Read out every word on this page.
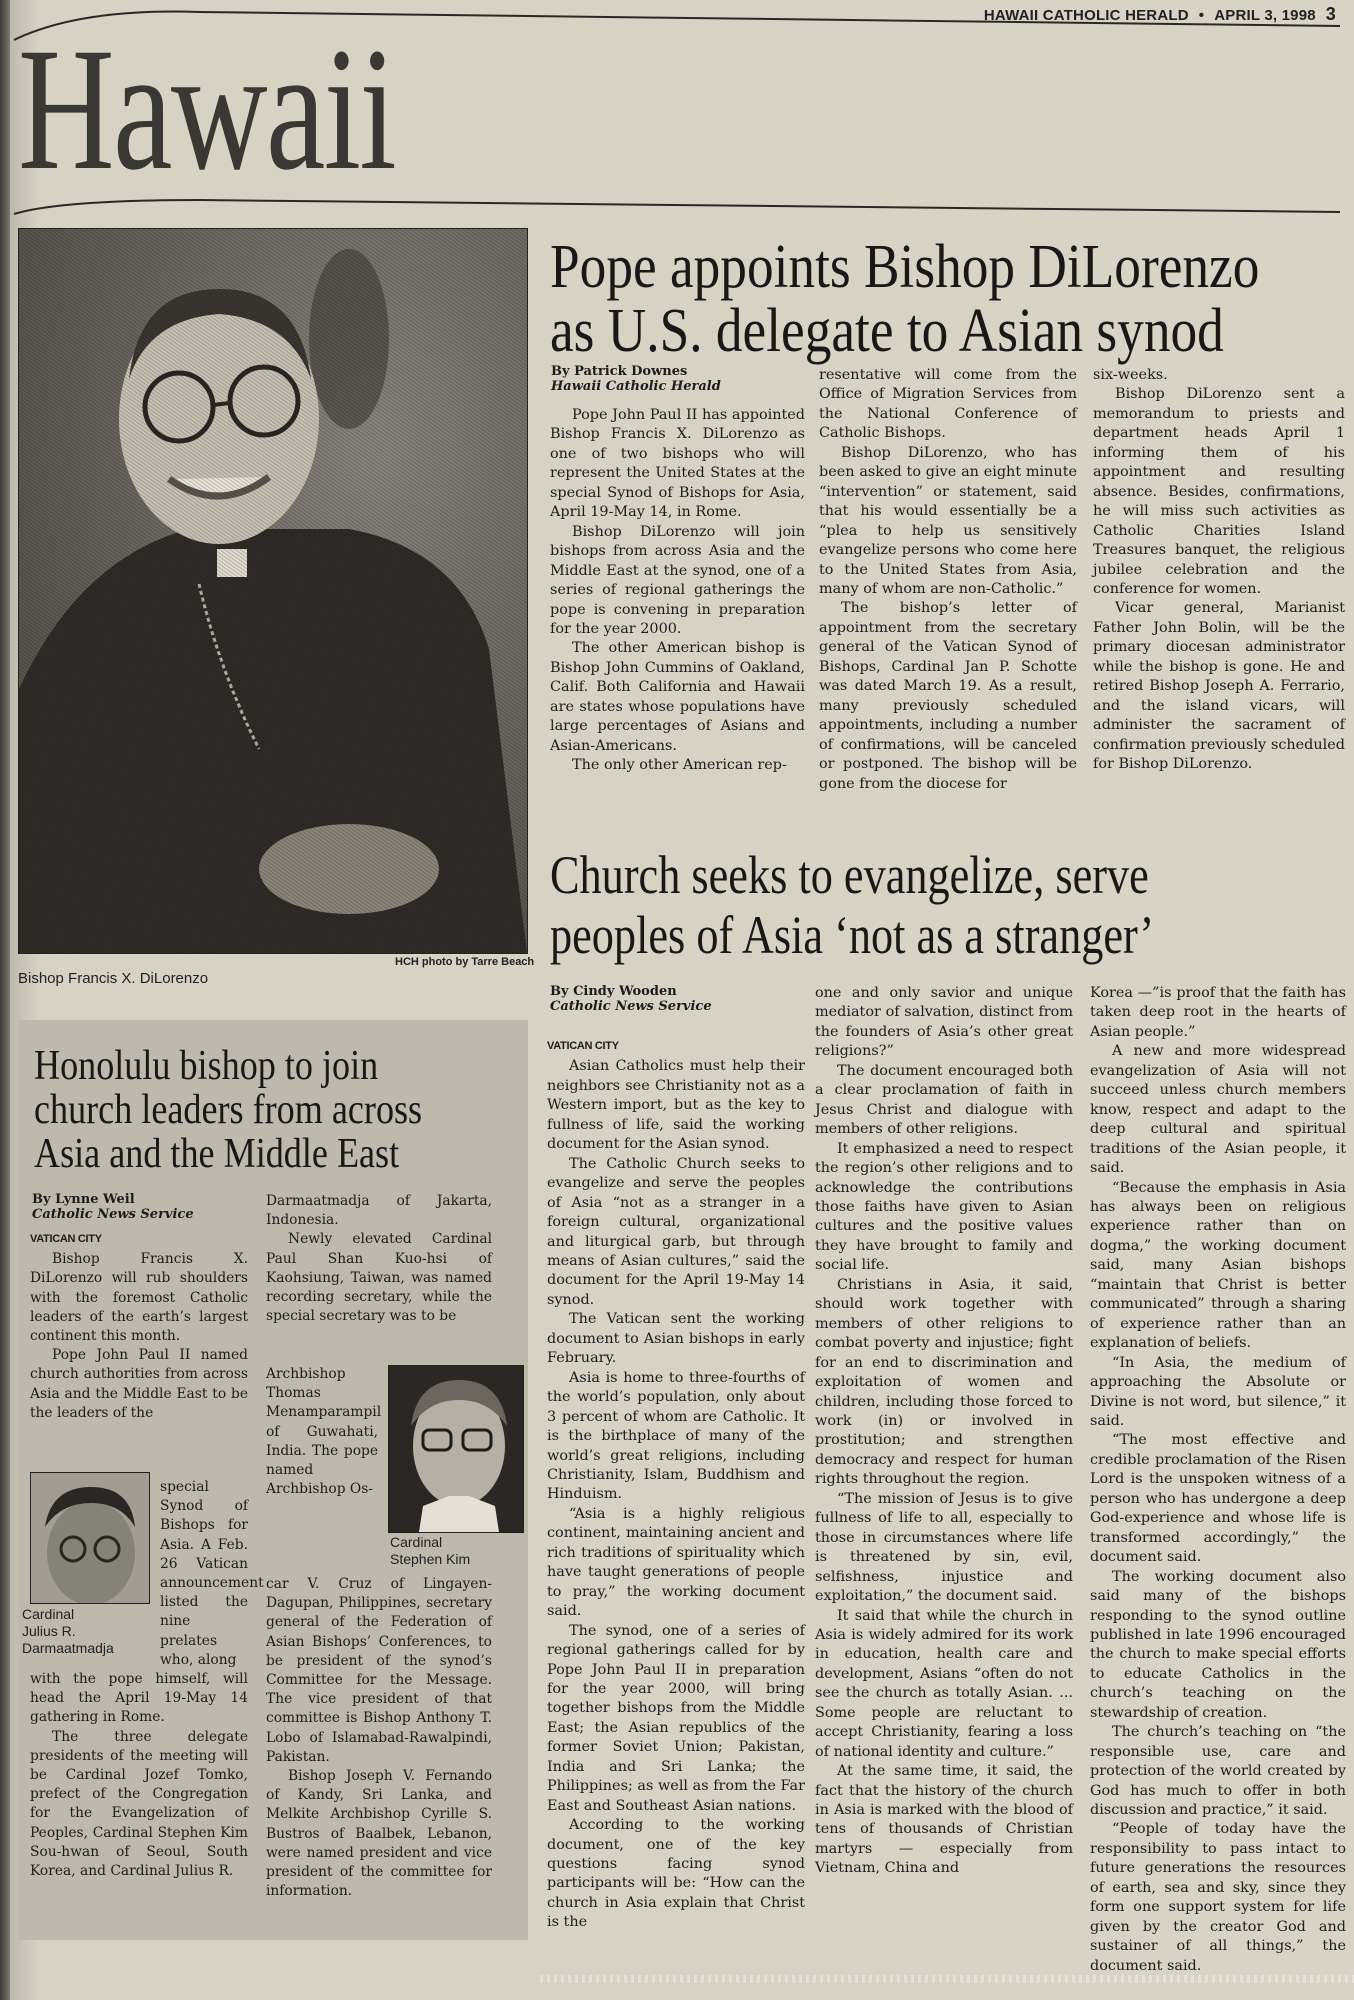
HAWAII CATHOLIC HERALD • APRIL 3, 1998 3
Hawaii
HCH photo by Tarre Beach
Bishop Francis X. DiLorenzo
Pope appoints Bishop DiLorenzo
as U.S. delegate to Asian synod
By Patrick Downes
Hawaii Catholic Herald

Pope John Paul II has appointed Bishop Francis X. DiLorenzo as one of two bishops who will represent the United States at the special Synod of Bishops for Asia, April 19-May 14, in Rome.

Bishop DiLorenzo will join bishops from across Asia and the Middle East at the synod, one of a series of regional gatherings the pope is convening in preparation for the year 2000.

The other American bishop is Bishop John Cummins of Oakland, Calif. Both California and Hawaii are states whose populations have large percentages of Asians and Asian-Americans.

The only other American rep-

resentative will come from the Office of Migration Services from the National Conference of Catholic Bishops.

Bishop DiLorenzo, who has been asked to give an eight minute “intervention” or statement, said that his would essentially be a “plea to help us sensitively evangelize persons who come here to the United States from Asia, many of whom are non-Catholic.”

The bishop’s letter of appointment from the secretary general of the Vatican Synod of Bishops, Cardinal Jan P. Schotte was dated March 19. As a result, many previously scheduled appointments, including a number of confirmations, will be canceled or postponed. The bishop will be gone from the diocese for

six-weeks.

Bishop DiLorenzo sent a memorandum to priests and department heads April 1 informing them of his appointment and resulting absence. Besides, confirmations, he will miss such activities as Catholic Charities Island Treasures banquet, the religious jubilee celebration and the conference for women.

Vicar general, Marianist Father John Bolin, will be the primary diocesan administrator while the bishop is gone. He and retired Bishop Joseph A. Ferrario, and the island vicars, will administer the sacrament of confirmation previously scheduled for Bishop DiLorenzo.

Church seeks to evangelize, serve
peoples of Asia ‘not as a stranger’
By Cindy Wooden
Catholic News Service
VATICAN CITY

Asian Catholics must help their neighbors see Christianity not as a Western import, but as the key to fullness of life, said the working document for the Asian synod.

The Catholic Church seeks to evangelize and serve the peoples of Asia “not as a stranger in a foreign cultural, organizational and liturgical garb, but through means of Asian cultures,” said the document for the April 19-May 14 synod.

The Vatican sent the working document to Asian bishops in early February.

Asia is home to three-fourths of the world’s population, only about 3 percent of whom are Catholic. It is the birthplace of many of the world’s great religions, including Christianity, Islam, Buddhism and Hinduism.

“Asia is a highly religious continent, maintaining ancient and rich traditions of spirituality which have taught generations of people to pray,” the working document said.

The synod, one of a series of regional gatherings called for by Pope John Paul II in preparation for the year 2000, will bring together bishops from the Middle East; the Asian republics of the former Soviet Union; Pakistan, India and Sri Lanka; the Philippines; as well as from the Far East and Southeast Asian nations.

According to the working document, one of the key questions facing synod participants will be: “How can the church in Asia explain that Christ is the

one and only savior and unique mediator of salvation, distinct from the founders of Asia’s other great religions?”

The document encouraged both a clear proclamation of faith in Jesus Christ and dialogue with members of other religions.

It emphasized a need to respect the region’s other religions and to acknowledge the contributions those faiths have given to Asian cultures and the positive values they have brought to family and social life.

Christians in Asia, it said, should work together with members of other religions to combat poverty and injustice; fight for an end to discrimination and exploitation of women and children, including those forced to work (in) or involved in prostitution; and strengthen democracy and respect for human rights throughout the region.

“The mission of Jesus is to give fullness of life to all, especially to those in circumstances where life is threatened by sin, evil, selfishness, injustice and exploitation,” the document said.

It said that while the church in Asia is widely admired for its work in education, health care and development, Asians “often do not see the church as totally Asian. ... Some people are reluctant to accept Christianity, fearing a loss of national identity and culture.”

At the same time, it said, the fact that the history of the church in Asia is marked with the blood of tens of thousands of Christian martyrs — especially from Vietnam, China and

Korea —”is proof that the faith has taken deep root in the hearts of Asian people.”

A new and more widespread evangelization of Asia will not succeed unless church members know, respect and adapt to the deep cultural and spiritual traditions of the Asian people, it said.

“Because the emphasis in Asia has always been on religious experience rather than on dogma,” the working document said, many Asian bishops “maintain that Christ is better communicated” through a sharing of experience rather than an explanation of beliefs.

“In Asia, the medium of approaching the Absolute or Divine is not word, but silence,” it said.

“The most effective and credible proclamation of the Risen Lord is the unspoken witness of a person who has undergone a deep God-experience and whose life is transformed accordingly,” the document said.

The working document also said many of the bishops responding to the synod outline published in late 1996 encouraged the church to make special efforts to educate Catholics in the church’s teaching on the stewardship of creation.

The church’s teaching on “the responsible use, care and protection of the world created by God has much to offer in both discussion and practice,” it said.

“People of today have the responsibility to pass intact to future generations the resources of earth, sea and sky, since they form one support system for life given by the creator God and sustainer of all things,” the document said.

Honolulu bishop to join
church leaders from across
Asia and the Middle East
By Lynne Weil
Catholic News Service
VATICAN CITY

Bishop Francis X. DiLorenzo will rub shoulders with the foremost Catholic leaders of the earth’s largest continent this month.

Pope John Paul II named church authorities from across Asia and the Middle East to be the leaders of the

Cardinal
Julius R.
Darmaatmadja

special Synod of Bishops for Asia. A Feb. 26 Vatican announcement listed the nine prelates who, along

with the pope himself, will head the April 19-May 14 gathering in Rome.

The three delegate presidents of the meeting will be Cardinal Jozef Tomko, prefect of the Congregation for the Evangelization of Peoples, Cardinal Stephen Kim Sou-hwan of Seoul, South Korea, and Cardinal Julius R.

Darmaatmadja of Jakarta, Indonesia.

Newly elevated Cardinal Paul Shan Kuo-hsi of Kaohsiung, Taiwan, was named recording secretary, while the special secretary was to be

Cardinal
Stephen Kim

Archbishop Thomas Menamparampil of Guwahati, India. The pope named Archbishop Os-

car V. Cruz of Lingayen-Dagupan, Philippines, secretary general of the Federation of Asian Bishops’ Conferences, to be president of the synod’s Committee for the Message. The vice president of that committee is Bishop Anthony T. Lobo of Islamabad-Rawalpindi, Pakistan.

Bishop Joseph V. Fernando of Kandy, Sri Lanka, and Melkite Archbishop Cyrille S. Bustros of Baalbek, Lebanon, were named president and vice president of the committee for information.
